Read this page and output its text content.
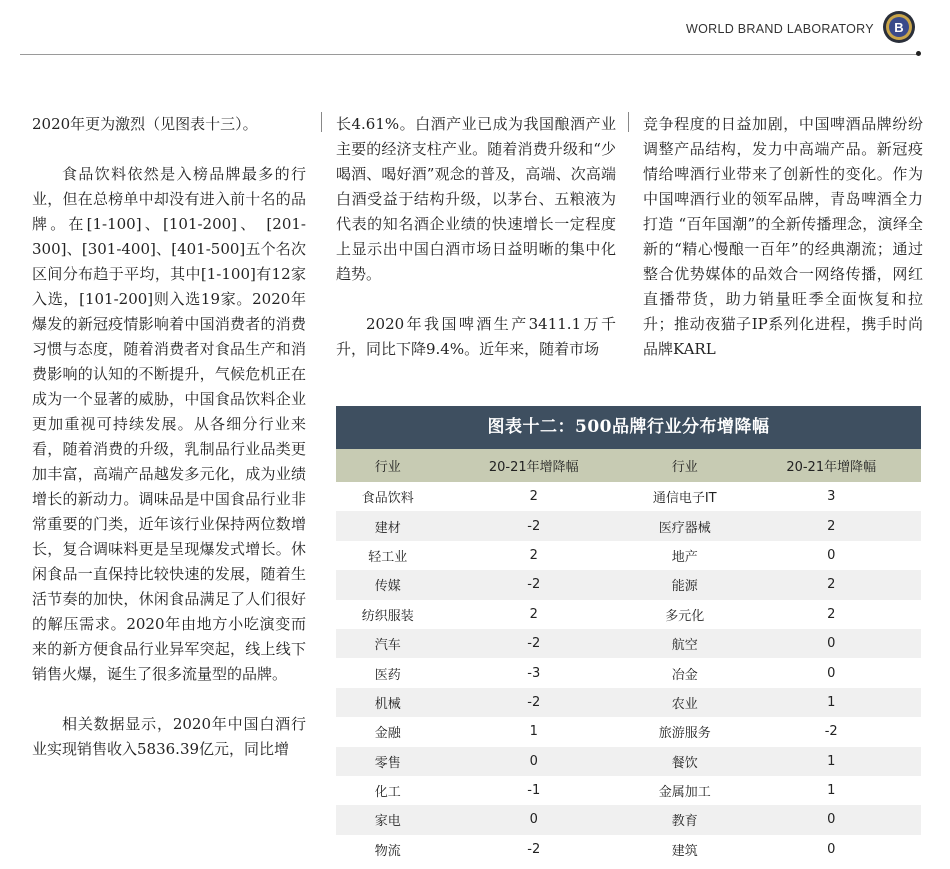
WORLD BRAND LABORATORY B

2020年更为激烈（见图表十三）。

食品饮料依然是入榜品牌最多的行业，但在总榜单中却没有进入前十名的品牌。在[1-100]、[101-200]、 [201-300]、[301-400]、[401-500]五个名次区间分布趋于平均，其中[1-100]有12家入选，[101-200]则入选19家。2020年爆发的新冠疫情影响着中国消费者的消费习惯与态度，随着消费者对食品生产和消费影响的认知的不断提升，气候危机正在成为一个显著的威胁，中国食品饮料企业更加重视可持续发展。从各细分行业来看，随着消费的升级，乳制品行业品类更加丰富，高端产品越发多元化，成为业绩增长的新动力。调味品是中国食品行业非常重要的门类，近年该行业保持两位数增长，复合调味料更是呈现爆发式增长。休闲食品一直保持比较快速的发展，随着生活节奏的加快，休闲食品满足了人们很好的解压需求。2020年由地方小吃演变而来的新方便食品行业异军突起，线上线下销售火爆，诞生了很多流量型的品牌。

相关数据显示，2020年中国白酒行业实现销售收入5836.39亿元，同比增

长4.61%。白酒产业已成为我国酿酒产业主要的经济支柱产业。随着消费升级和“少喝酒、喝好酒”观念的普及，高端、次高端白酒受益于结构升级，以茅台、五粮液为代表的知名酒企业绩的快速增长一定程度上显示出中国白酒市场日益明晰的集中化趋势。

2020年我国啤酒生产3411.1万千升，同比下降9.4%。近年来，随着市场

竞争程度的日益加剧，中国啤酒品牌纷纷调整产品结构，发力中高端产品。新冠疫情给啤酒行业带来了创新性的变化。作为中国啤酒行业的领军品牌，青岛啤酒全力打造 “百年国潮”的全新传播理念，演绎全新的“精心慢酿一百年”的经典潮流；通过整合优势媒体的品效合一网络传播，网红直播带货，助力销量旺季全面恢复和拉升；推动夜猫子IP系列化进程，携手时尚品牌KARL

图表十二：500品牌行业分布增降幅
行业	20-21年增降幅	行业	20-21年增降幅
食品饮料	2	通信电子IT	3
建材	-2	医疗器械	2
轻工业	2	地产	0
传媒	-2	能源	2
纺织服装	2	多元化	2
汽车	-2	航空	0
医药	-3	冶金	0
机械	-2	农业	1
金融	1	旅游服务	-2
零售	0	餐饮	1
化工	-1	金属加工	1
家电	0	教育	0
物流	-2	建筑	0
